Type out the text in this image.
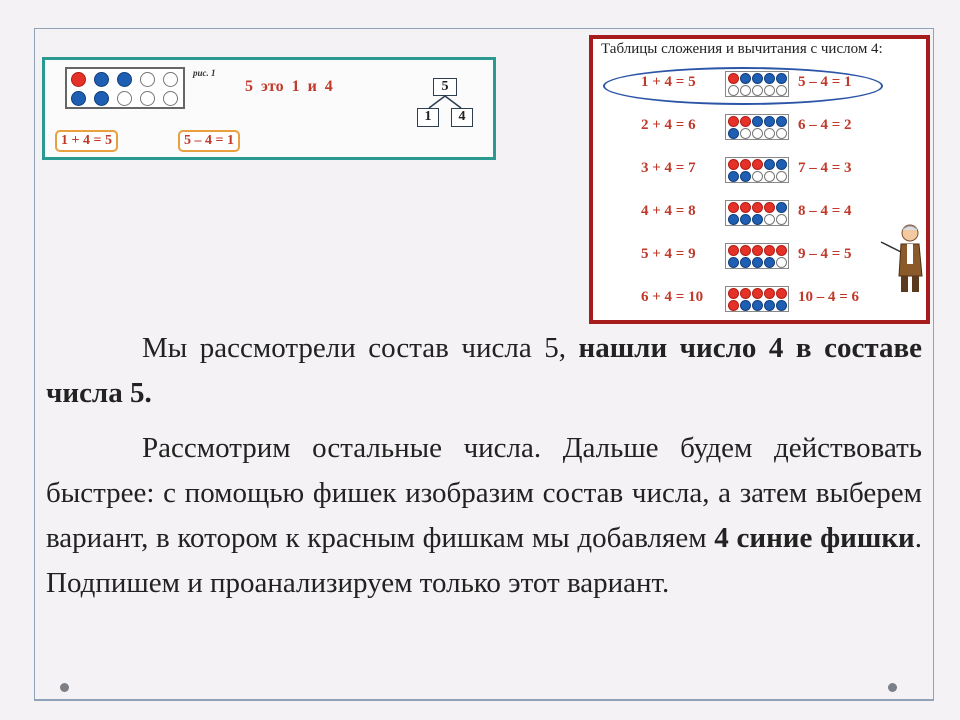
рис. 1
5  это  1  и  4	5
1	4
1 + 4 = 5	5 – 4 = 1
Таблицы сложения и вычитания с числом 4:
1 + 4 = 5	5 – 4 = 1
2 + 4 = 6	6 – 4 = 2
3 + 4 = 7	7 – 4 = 3
4 + 4 = 8	8 – 4 = 4
5 + 4 = 9	9 – 4 = 5
6 + 4 = 10	10 – 4 = 6
Мы рассмотрели состав числа 5, нашли число 4 в составе числа 5.
Рассмотрим остальные числа. Дальше будем действовать быстрее: с помощью фишек изобразим состав числа, а затем выберем вариант, в котором к красным фишкам мы добавляем 4 синие фишки. Подпишем и проанализируем только этот вариант.
